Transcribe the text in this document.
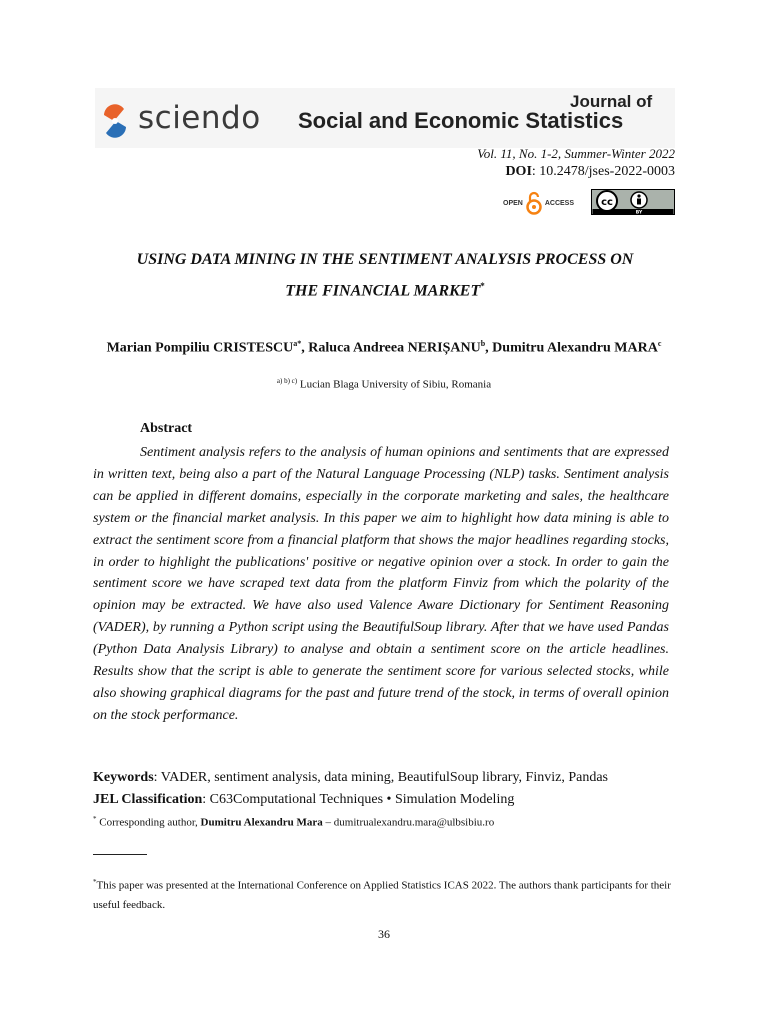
sciendo	Journal of
Social and Economic Statistics
Vol. 11, No. 1-2, Summer-Winter 2022
DOI: 10.2478/jses-2022-0003
OPEN	ACCESS	cc
BY
USING DATA MINING IN THE SENTIMENT ANALYSIS PROCESS ON
THE FINANCIAL MARKET*
Marian Pompiliu $CRISTESCU^{a*}$, Raluca Andreea NERIȘANU$^b$, Dumitru Alexandru MARA$^c$
$^{a) b) c)}$ Lucian Blaga University of Sibiu, Romania
Abstract
Sentiment analysis refers to the analysis of human opinions and sentiments that are expressed in written text, being also a part of the Natural Language Processing (NLP) tasks. Sentiment analysis can be applied in different domains, especially in the corporate marketing and sales, the healthcare system or the financial market analysis. In this paper we aim to highlight how data mining is able to extract the sentiment score from a financial platform that shows the major headlines regarding stocks, in order to highlight the publications' positive or negative opinion over a stock. In order to gain the sentiment score we have scraped text data from the platform Finviz from which the polarity of the opinion may be extracted. We have also used Valence Aware Dictionary for Sentiment Reasoning (VADER), by running a Python script using the BeautifulSoup library. After that we have used Pandas (Python Data Analysis Library) to analyse and obtain a sentiment score on the article headlines. Results show that the script is able to generate the sentiment score for various selected stocks, while also showing graphical diagrams for the past and future trend of the stock, in terms of overall opinion on the stock performance.
Keywords: VADER, sentiment analysis, data mining, BeautifulSoup library, Finviz, Pandas
JEL Classification: C63Computational Techniques • Simulation Modeling
* Corresponding author, Dumitru Alexandru Mara – dumitrualexandru.mara@ulbsibiu.ro
*This paper was presented at the International Conference on Applied Statistics ICAS 2022. The authors thank participants for their useful feedback.
36
